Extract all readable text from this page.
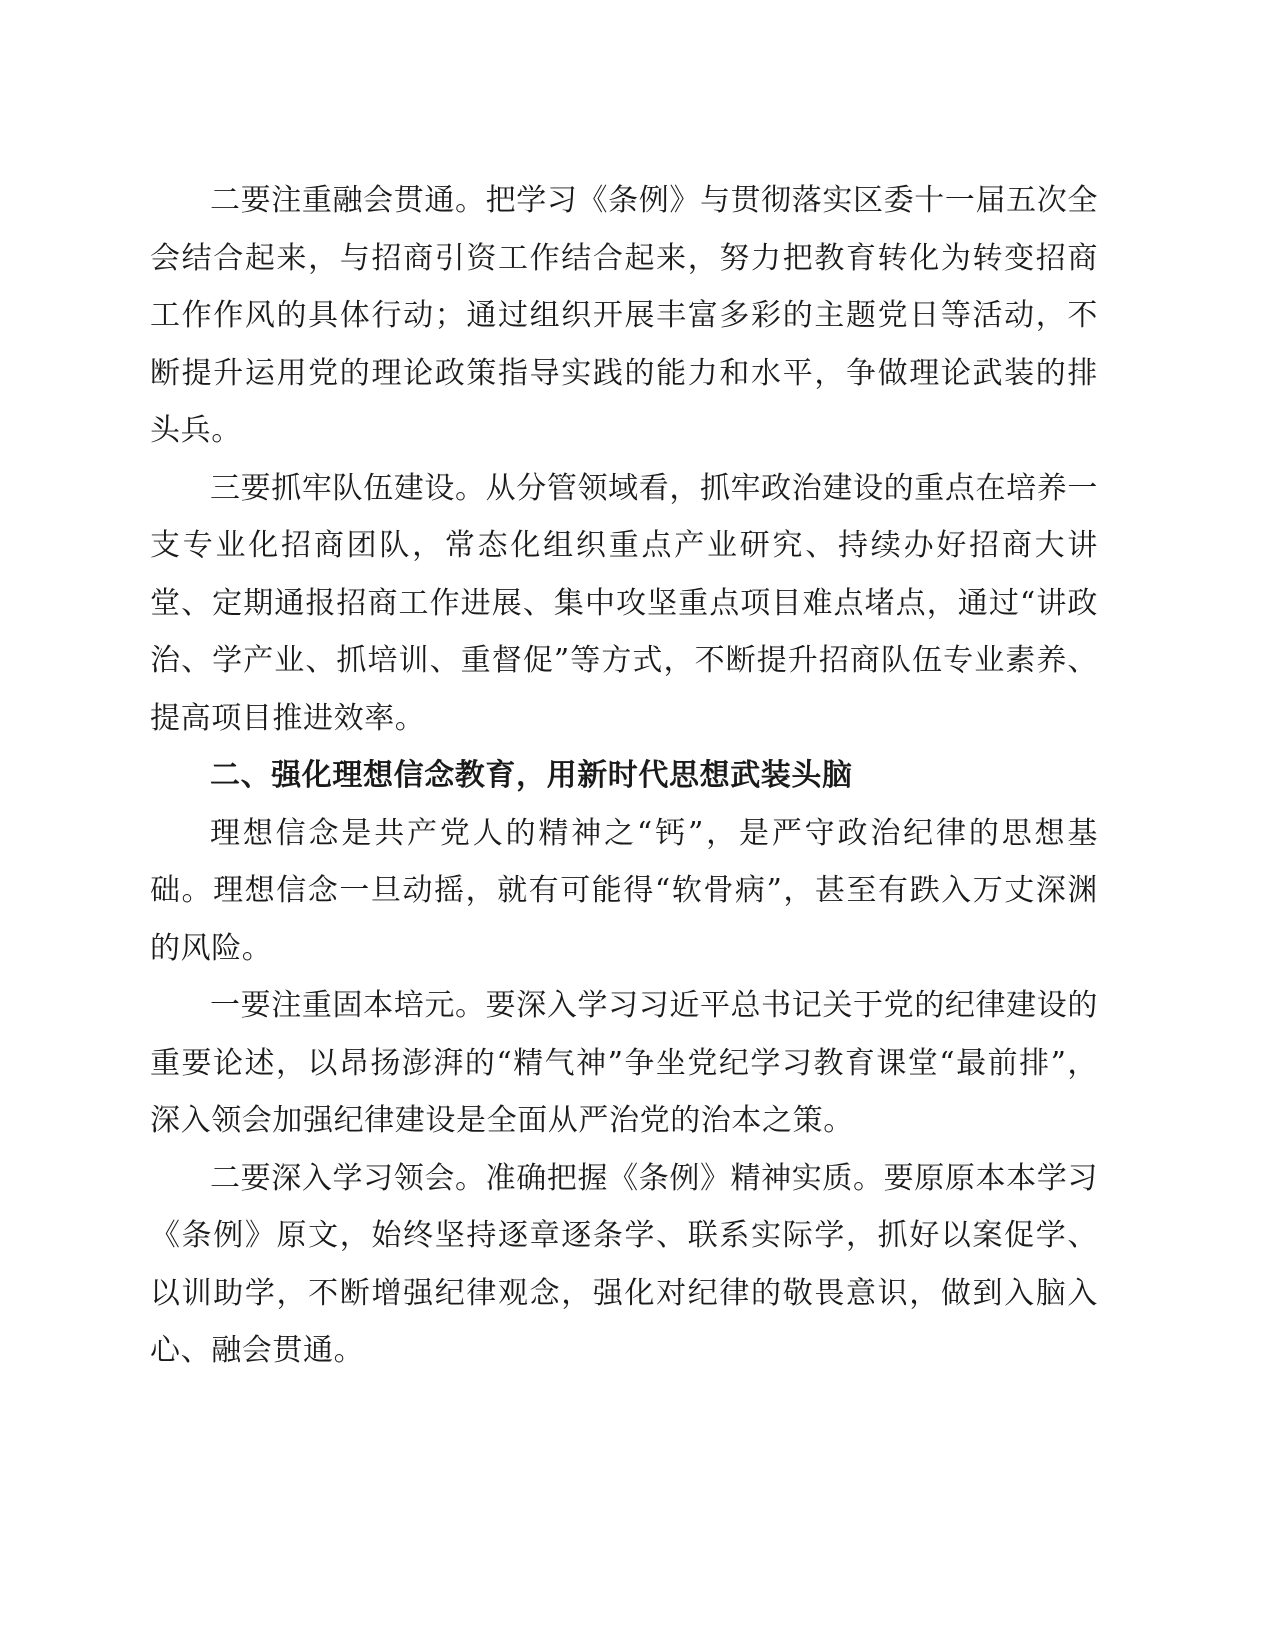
二要注重融会贯通。把学习《条例》与贯彻落实区委十一届五次全会结合起来，与招商引资工作结合起来，努力把教育转化为转变招商工作作风的具体行动；通过组织开展丰富多彩的主题党日等活动，不断提升运用党的理论政策指导实践的能力和水平，争做理论武装的排头兵。

三要抓牢队伍建设。从分管领域看，抓牢政治建设的重点在培养一支专业化招商团队，常态化组织重点产业研究、持续办好招商大讲堂、定期通报招商工作进展、集中攻坚重点项目难点堵点，通过“讲政治、学产业、抓培训、重督促”等方式，不断提升招商队伍专业素养、提高项目推进效率。

二、强化理想信念教育，用新时代思想武装头脑

理想信念是共产党人的精神之“钙”，是严守政治纪律的思想基础。理想信念一旦动摇，就有可能得“软骨病”，甚至有跌入万丈深渊的风险。

一要注重固本培元。要深入学习习近平总书记关于党的纪律建设的重要论述，以昂扬澎湃的“精气神”争坐党纪学习教育课堂“最前排”，深入领会加强纪律建设是全面从严治党的治本之策。

二要深入学习领会。准确把握《条例》精神实质。要原原本本学习《条例》原文，始终坚持逐章逐条学、联系实际学，抓好以案促学、以训助学，不断增强纪律观念，强化对纪律的敬畏意识，做到入脑入心、融会贯通。
